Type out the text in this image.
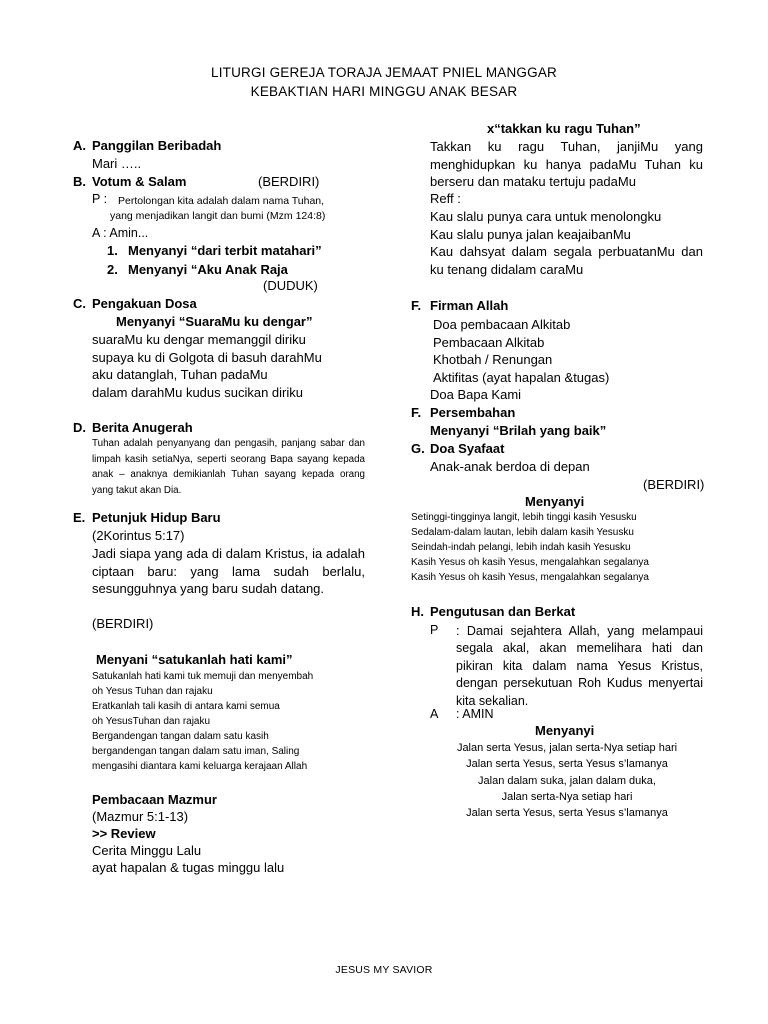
LITURGI GEREJA TORAJA JEMAAT PNIEL MANGGAR
KEBAKTIAN HARI MINGGU ANAK BESAR
A. Panggilan Beribadah
Mari …..
B. Votum & Salam	(BERDIRI)
P : Pertolongan kita adalah dalam nama Tuhan,
yang menjadikan langit dan bumi (Mzm 124:8)
A : Amin...
1. Menyanyi “dari terbit matahari”
2. Menyanyi “Aku Anak Raja
(DUDUK)
C. Pengakuan Dosa
Menyanyi “SuaraMu ku dengar”
suaraMu ku dengar memanggil diriku
supaya ku di Golgota di basuh darahMu
aku datanglah, Tuhan padaMu
dalam darahMu kudus sucikan diriku
D. Berita Anugerah
Tuhan adalah penyanyang dan pengasih, panjang sabar dan limpah kasih setiaNya, seperti seorang Bapa sayang kepada anak – anaknya demikianlah Tuhan sayang kepada orang yang takut akan Dia.
E. Petunjuk Hidup Baru
(2Korintus 5:17)
Jadi siapa yang ada di dalam Kristus, ia adalah ciptaan baru: yang lama sudah berlalu, sesungguhnya yang baru sudah datang.
(BERDIRI)
Menyani “satukanlah hati kami”
Satukanlah hati kami tuk memuji dan menyembah
oh Yesus Tuhan dan rajaku
Eratkanlah tali kasih di antara kami semua
oh YesusTuhan dan rajaku
Bergandengan tangan dalam satu kasih
bergandengan tangan dalam satu iman, Saling
mengasihi diantara kami keluarga kerajaan Allah
Pembacaan Mazmur
(Mazmur 5:1-13)
>> Review
Cerita Minggu Lalu
ayat hapalan & tugas minggu lalu
x“takkan ku ragu Tuhan”
Takkan ku ragu Tuhan, janjiMu yang menghidupkan ku hanya padaMu Tuhan ku berseru dan mataku tertuju padaMu
Reff :
Kau slalu punya cara untuk menolongku
Kau slalu punya jalan keajaibanMu
Kau dahsyat dalam segala perbuatanMu dan ku tenang didalam caraMu
F. Firman Allah
Doa pembacaan Alkitab
Pembacaan Alkitab
Khotbah / Renungan
Aktifitas (ayat hapalan &tugas)
Doa Bapa Kami
F. Persembahan
Menyanyi “Brilah yang baik”
G. Doa Syafaat
Anak-anak berdoa di depan
(BERDIRI)
Menyanyi
Setinggi-tingginya langit, lebih tinggi kasih Yesusku
Sedalam-dalam lautan, lebih dalam kasih Yesusku
Seindah-indah pelangi, lebih indah kasih Yesusku
Kasih Yesus oh kasih Yesus, mengalahkan segalanya
Kasih Yesus oh kasih Yesus, mengalahkan segalanya
H. Pengutusan dan Berkat
P : Damai sejahtera Allah, yang melampaui segala akal, akan memelihara hati dan pikiran kita dalam nama Yesus Kristus, dengan persekutuan Roh Kudus menyertai kita sekalian.
A : AMIN
Menyanyi
Jalan serta Yesus, jalan serta-Nya setiap hari
Jalan serta Yesus, serta Yesus s’lamanya
Jalan dalam suka, jalan dalam duka,
Jalan serta-Nya setiap hari
Jalan serta Yesus, serta Yesus s’lamanya
JESUS MY SAVIOR
